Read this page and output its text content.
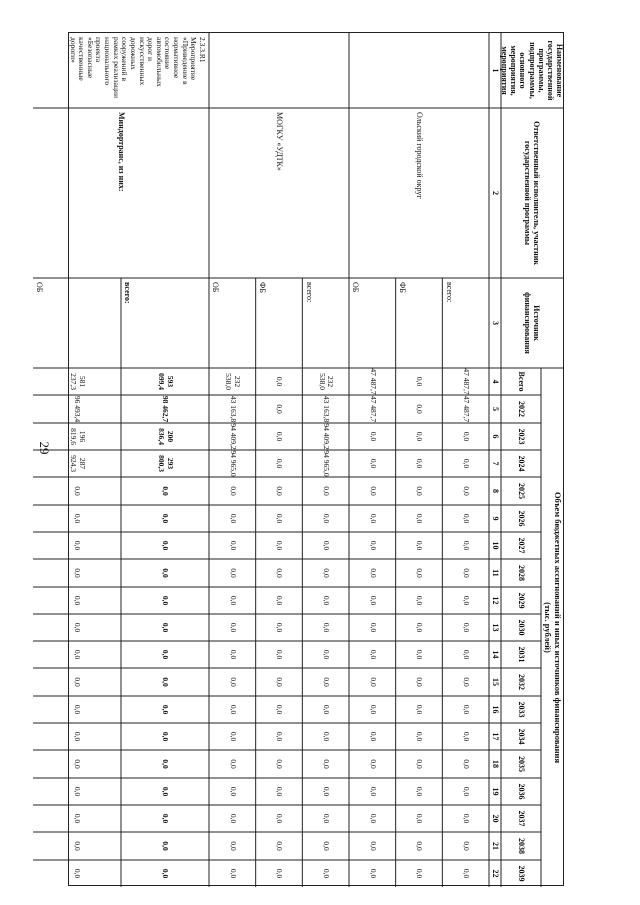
29
Наименование государственной программы, подпрограммы, основного мероприятия, мероприятия
Ответственный исполнитель, участник государственной программы
Источник финансирования
Объем бюджетных ассигнований и иных источников финансирования
(тыс. рублей)
Всего
2022
2023
2024
2025
2026
2027
2028
2029
2030
2031
2032
2033
2034
2035
2036
2037
2038
2039
1
2
3
4
5
6
7
8
9
10
11
12
13
14
15
16
17
18
19
20
21
22
Ольский городской округ
всего:
47 487,7
47 487,7
0,0
0,0
0,0
0,0
0,0
0,0
0,0
0,0
0,0
0,0
0,0
0,0
0,0
0,0
0,0
0,0
0,0
ФБ
0,0
0,0
0,0
0,0
0,0
0,0
0,0
0,0
0,0
0,0
0,0
0,0
0,0
0,0
0,0
0,0
0,0
0,0
0,0
ОБ
47 487,7
47 487,7
0,0
0,0
0,0
0,0
0,0
0,0
0,0
0,0
0,0
0,0
0,0
0,0
0,0
0,0
0,0
0,0
0,0
МОГКУ «УДТК»
всего:
232 538,0
43 163,8
94 409,2
94 965,0
0,0
0,0
0,0
0,0
0,0
0,0
0,0
0,0
0,0
0,0
0,0
0,0
0,0
0,0
0,0
ФБ
0,0
0,0
0,0
0,0
0,0
0,0
0,0
0,0
0,0
0,0
0,0
0,0
0,0
0,0
0,0
0,0
0,0
0,0
0,0
ОБ
232 538,0
43 163,8
94 409,2
94 965,0
0,0
0,0
0,0
0,0
0,0
0,0
0,0
0,0
0,0
0,0
0,0
0,0
0,0
0,0
0,0
2.3.3.R1 Мероприятие «Приведение в нормативное состояние автомобильных дорог и искусственных дорожных сооружений в рамках реализации национального проекта «Безопасные качественные дороги»
Миндортранс, из них:
всего:
593 099,4
98 462,7
200 836,4
293 800,3
0,0
0,0
0,0
0,0
0,0
0,0
0,0
0,0
0,0
0,0
0,0
0,0
0,0
0,0
0,0
ОБ
581 237,3
96 493,4
196 819,6
287 924,3
0,0
0,0
0,0
0,0
0,0
0,0
0,0
0,0
0,0
0,0
0,0
0,0
0,0
0,0
0,0
